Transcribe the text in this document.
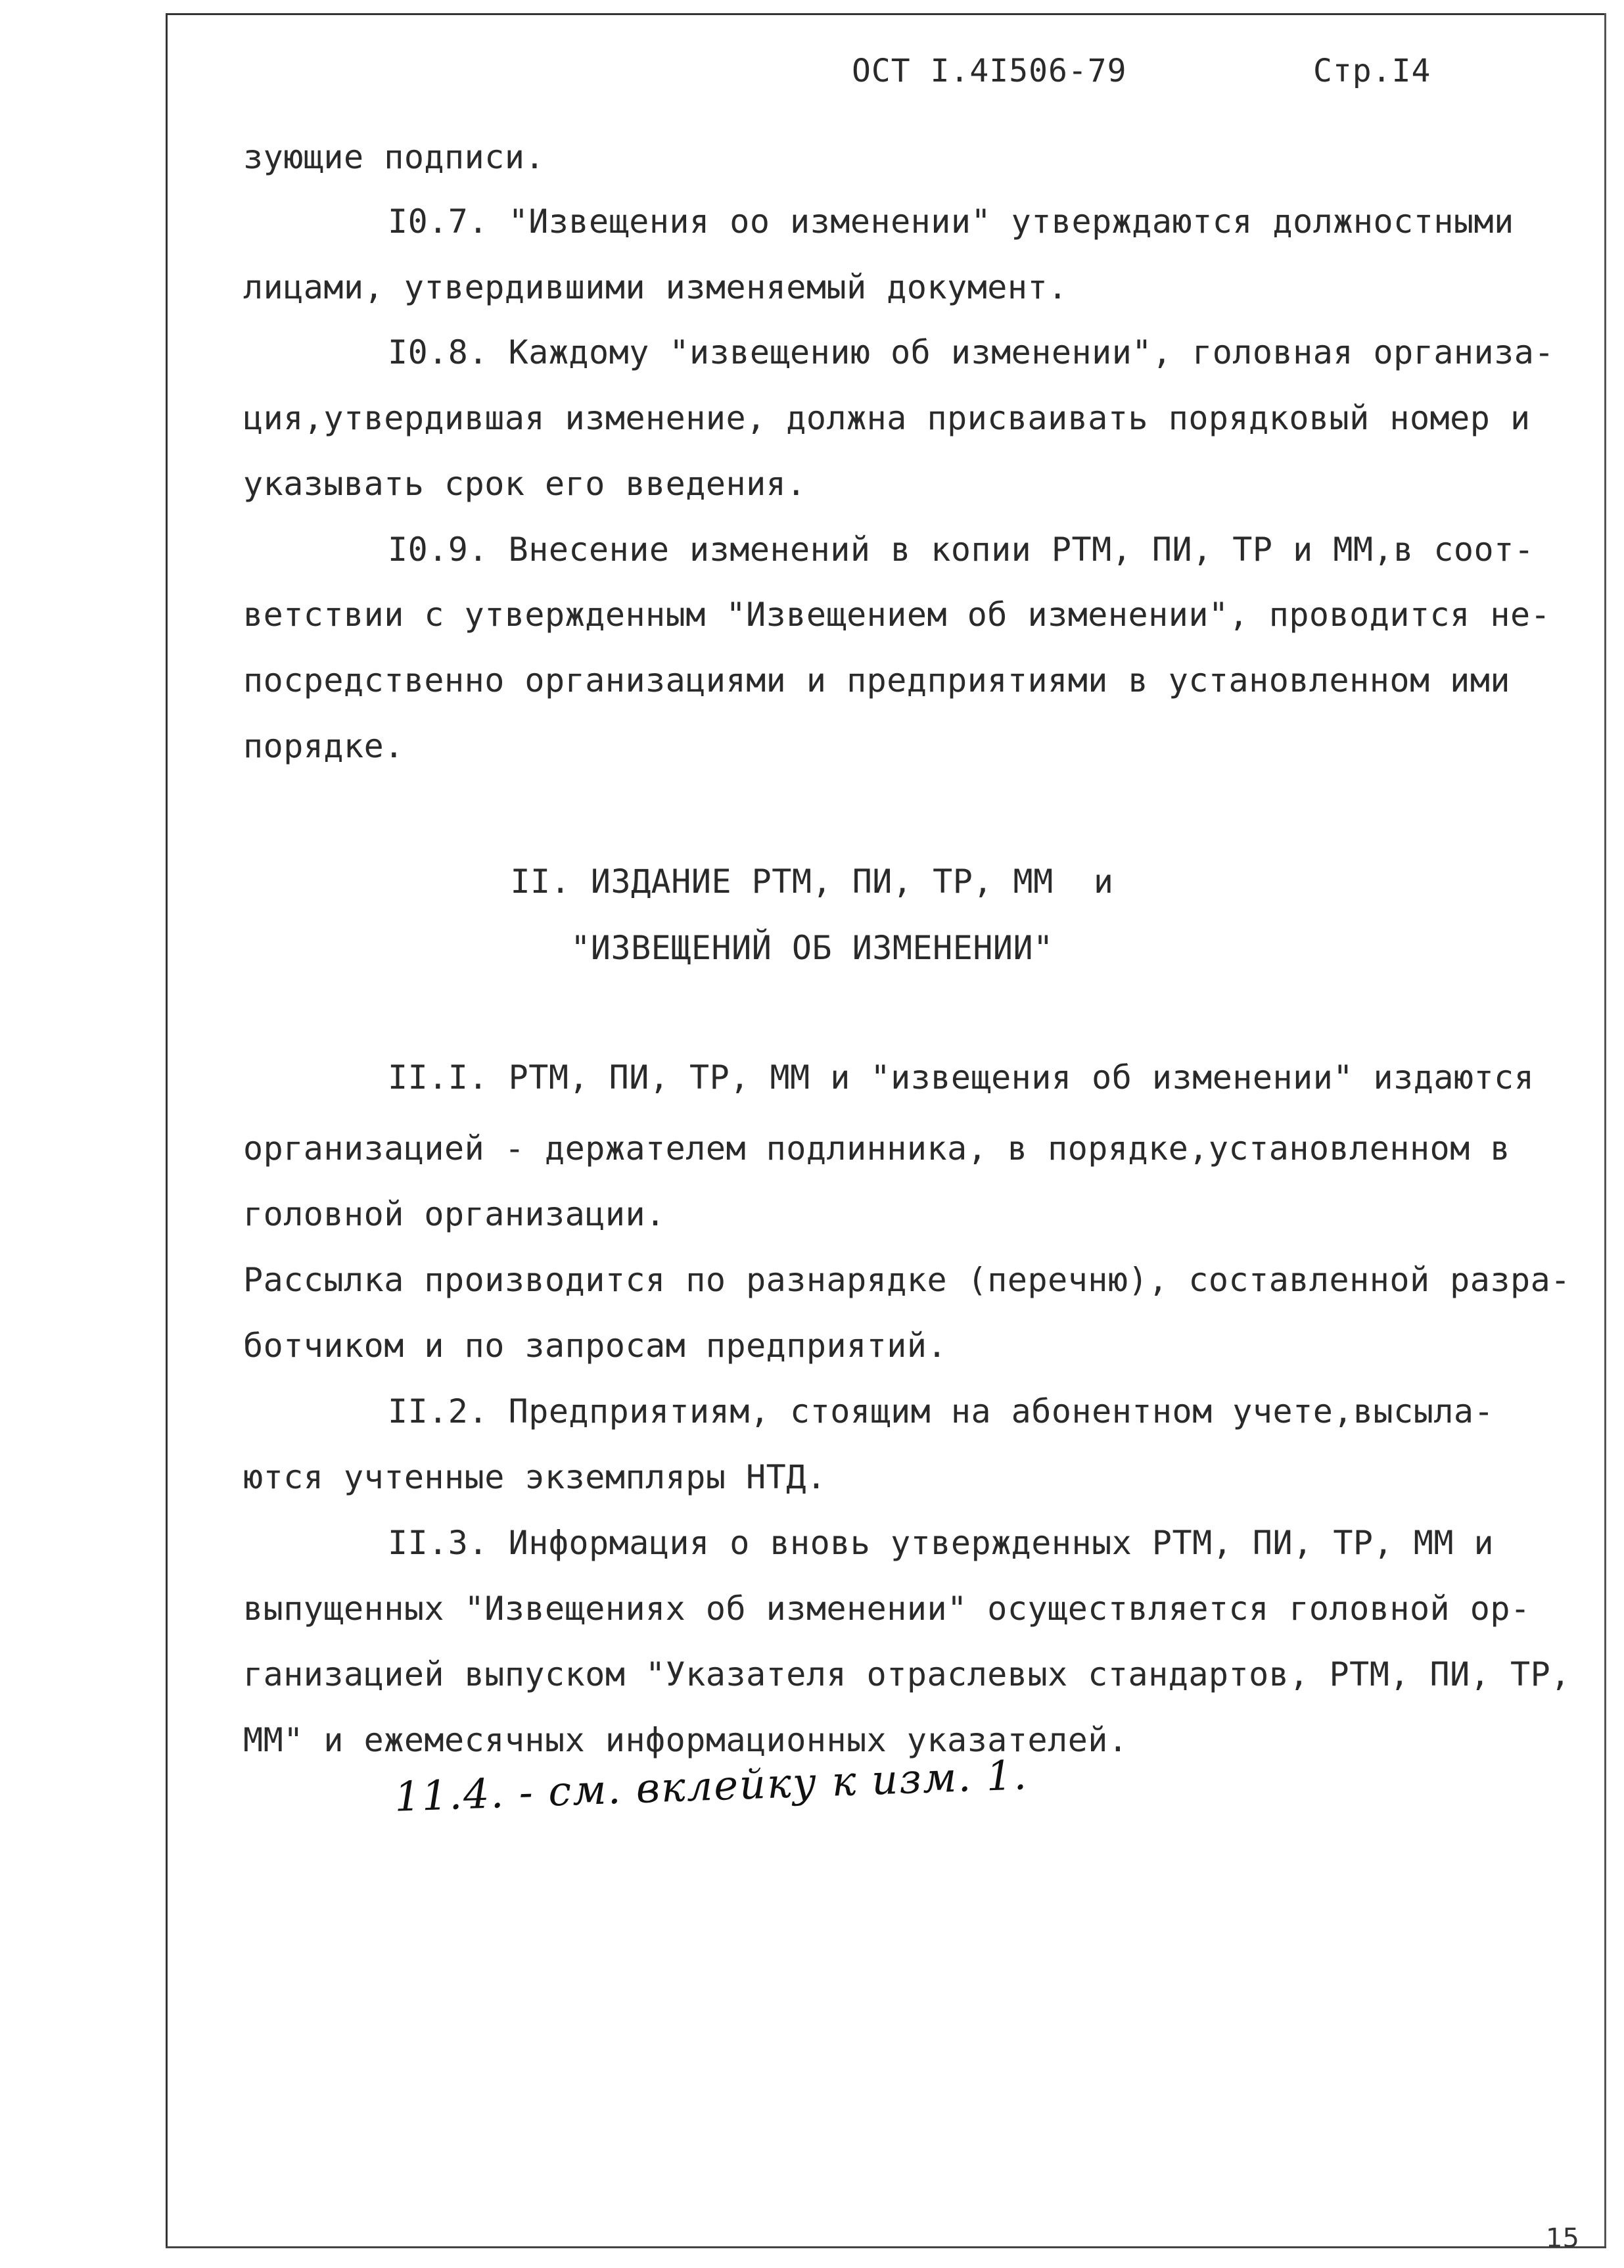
ОСТ I.4I506-79	Стр.I4
зующие подписи.
I0.7. "Извещения оо изменении" утверждаются должностными
лицами, утвердившими изменяемый документ.
I0.8. Каждому "извещению об изменении", головная организа-
ция,утвердившая изменение, должна присваивать порядковый номер и
указывать срок его введения.
I0.9. Внесение изменений в копии РТМ, ПИ, ТР и ММ,в соот-
ветствии с утвержденным "Извещением об изменении", проводится не-
посредственно организациями и предприятиями в установленном ими
порядке.
II. ИЗДАНИЕ РТМ, ПИ, ТР, ММ  и
"ИЗВЕЩЕНИЙ ОБ ИЗМЕНЕНИИ"
II.I. РТМ, ПИ, ТР, ММ и "извещения об изменении" издаются
организацией - держателем подлинника, в порядке,установленном в
головной организации.
Рассылка производится по разнарядке (перечню), составленной разра-
ботчиком и по запросам предприятий.
II.2. Предприятиям, стоящим на абонентном учете,высыла-
ются учтенные экземпляры НТД.
II.3. Информация о вновь утвержденных РТМ, ПИ, ТР, ММ и
выпущенных "Извещениях об изменении" осуществляется головной ор-
ганизацией выпуском "Указателя отраслевых стандартов, РТМ, ПИ, ТР,
ММ" и ежемесячных информационных указателей.
11.4. - см. вклейку к изм. 1.
15
